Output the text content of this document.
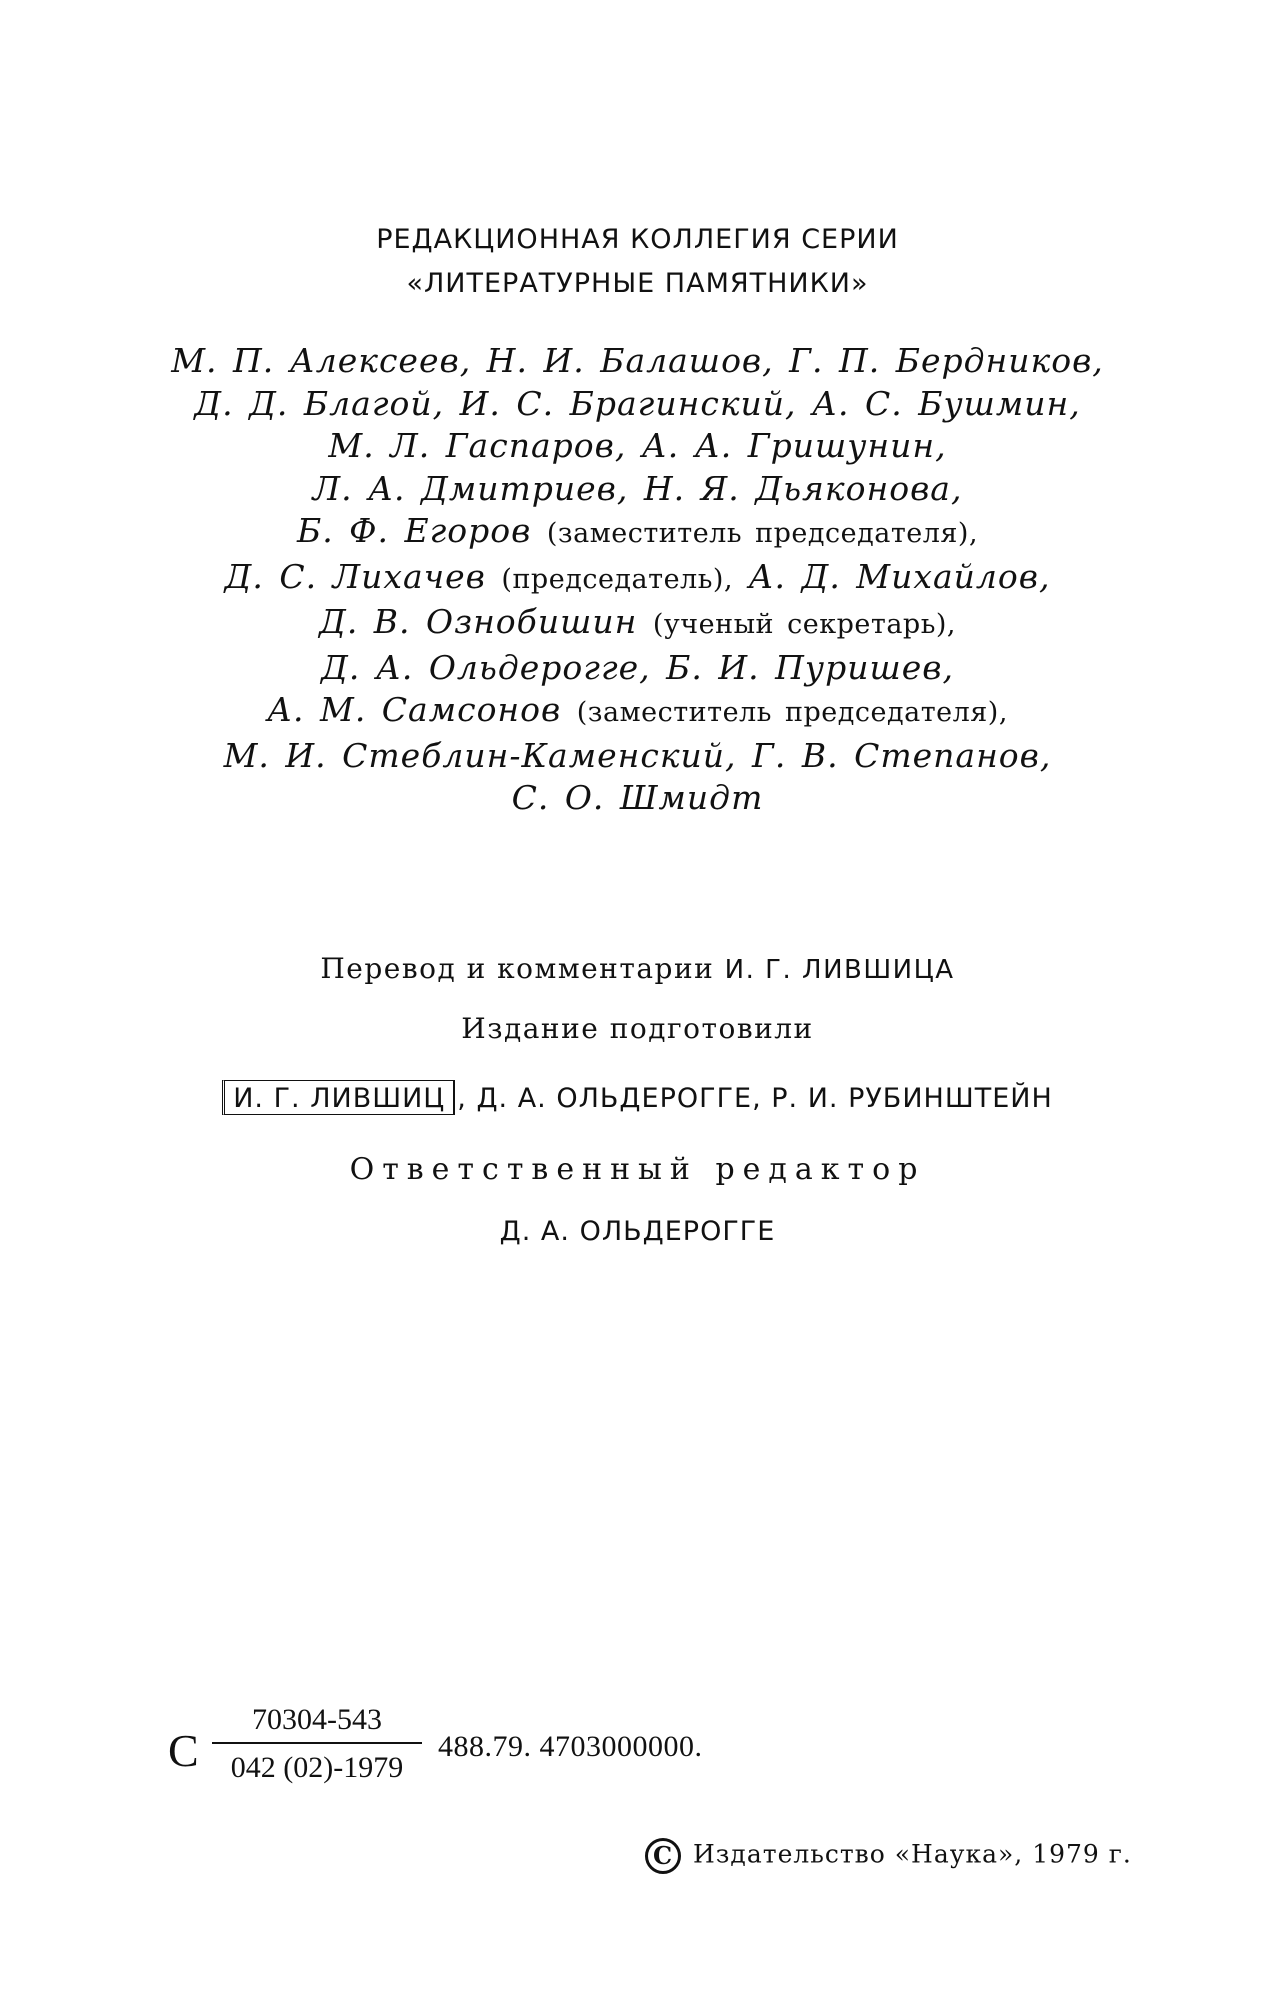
РЕДАКЦИОННАЯ КОЛЛЕГИЯ СЕРИИ
«ЛИТЕРАТУРНЫЕ ПАМЯТНИКИ»
М. П. Алексеев, Н. И. Балашов, Г. П. Бердников,
Д. Д. Благой, И. С. Брагинский, А. С. Бушмин,
М. Л. Гаспаров, А. А. Гришунин,
Л. А. Дмитриев, Н. Я. Дьяконова,
Б. Ф. Егоров (заместитель председателя),
Д. С. Лихачев (председатель), А. Д. Михайлов,
Д. В. Ознобишин (ученый секретарь),
Д. А. Ольдерогге, Б. И. Пуришев,
А. М. Самсонов (заместитель председателя),
М. И. Стеблин-Каменский, Г. В. Степанов,
С. О. Шмидт
Перевод и комментарии И. Г. ЛИВШИЦА
Издание подготовили
И. Г. ЛИВШИЦ , Д. А. ОЛЬДЕРОГГЕ, Р. И. РУБИНШТЕЙН
Ответственный редактор
Д. А. ОЛЬДЕРОГГЕ
С
70304-543
042 (02)-1979
488.79. 4703000000.
C Издательство «Наука», 1979 г.
